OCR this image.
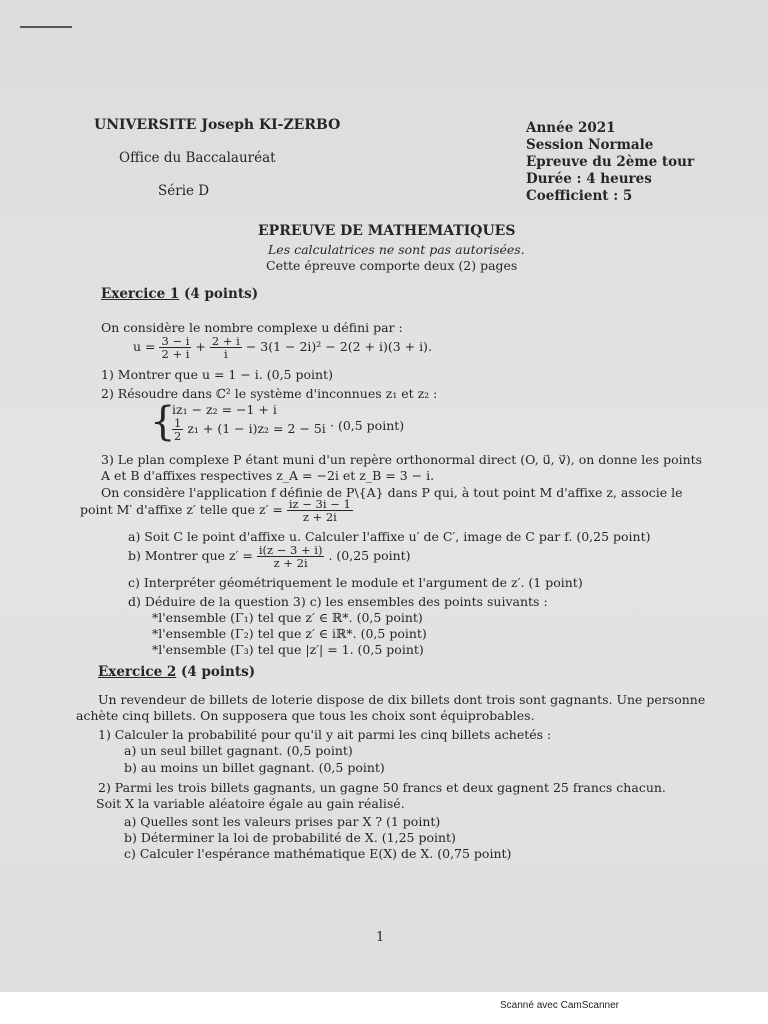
UNIVERSITE Joseph KI-ZERBO
Office du Baccalauréat
Série D
Année 2021
Session Normale
Epreuve du 2ème tour
Durée : 4 heures
Coefficient : 5
EPREUVE DE MATHEMATIQUES
Les calculatrices ne sont pas autorisées.
Cette épreuve comporte deux (2) pages
Exercice 1 (4 points)
On considère le nombre complexe u défini par :
$u = \frac{3 - i}{2 + i} + \frac{2 + i}{i} - 3(1 - 2i)^2 - 2(2 + i)(3 + i)$.
1) Montrer que u = 1 − i. (0,5 point)
2) Résoudre dans ℂ² le système d'inconnues z₁ et z₂ :
{
iz₁ − z₂ = −1 + i
$\frac{1}{2} z_1 + (1 - i)z_2 = 2 - 5i \cdot (0,5$ point)
3) Le plan complexe P étant muni d'un repère orthonormal direct (O, u⃗, v⃗), on donne les points
A et B d'affixes respectives z_A = −2i et z_B = 3 − i.
On considère l'application f définie de P\{A} dans P qui, à tout point M d'affixe z, associe le
point M′ d'affixe z′ telle que $z' = \frac{iz - 3i - 1}{z + 2i}$
a) Soit C le point d'affixe u. Calculer l'affixe u′ de C′, image de C par f. (0,25 point)
b) Montrer que $z' = \frac{i(z - 3 + i)}{z + 2i}$ . (0,25 point)
c) Interpréter géométriquement le module et l'argument de z′. (1 point)
d) Déduire de la question 3) c) les ensembles des points suivants :
*l'ensemble (Γ₁) tel que z′ ∈ ℝ*. (0,5 point)
*l'ensemble (Γ₂) tel que z′ ∈ iℝ*. (0,5 point)
*l'ensemble (Γ₃) tel que |z′| = 1. (0,5 point)
Exercice 2 (4 points)
Un revendeur de billets de loterie dispose de dix billets dont trois sont gagnants. Une personne
achète cinq billets. On supposera que tous les choix sont équiprobables.
1) Calculer la probabilité pour qu'il y ait parmi les cinq billets achetés :
a) un seul billet gagnant. (0,5 point)
b) au moins un billet gagnant. (0,5 point)
2) Parmi les trois billets gagnants, un gagne 50 francs et deux gagnent 25 francs chacun.
Soit X la variable aléatoire égale au gain réalisé.
a) Quelles sont les valeurs prises par X ? (1 point)
b) Déterminer la loi de probabilité de X. (1,25 point)
c) Calculer l'espérance mathématique E(X) de X. (0,75 point)
1
Scanné avec CamScanner
